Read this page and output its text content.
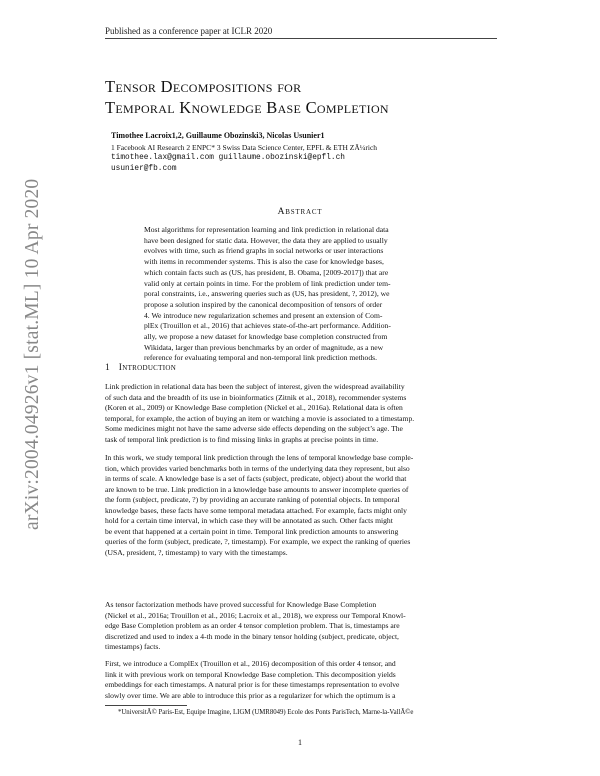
Published as a conference paper at ICLR 2020
arXiv:2004.04926v1 [stat.ML] 10 Apr 2020
Tensor Decompositions for
Temporal Knowledge Base Completion
Timothee Lacroix1,2, Guillaume Obozinski3, Nicolas Usunier1
1 Facebook AI Research 2 ENPC* 3 Swiss Data Science Center, EPFL & ETH ZÃ¼rich
timothee.lax@gmail.com guillaume.obozinski@epfl.ch
usunier@fb.com
Abstract
Most algorithms for representation learning and link prediction in relational data
have been designed for static data. However, the data they are applied to usually
evolves with time, such as friend graphs in social networks or user interactions
with items in recommender systems. This is also the case for knowledge bases,
which contain facts such as (US, has president, B. Obama, [2009-2017]) that are
valid only at certain points in time. For the problem of link prediction under tem-
poral constraints, i.e., answering queries such as (US, has president, ?, 2012), we
propose a solution inspired by the canonical decomposition of tensors of order
4. We introduce new regularization schemes and present an extension of Com-
plEx (Trouillon et al., 2016) that achieves state-of-the-art performance. Addition-
ally, we propose a new dataset for knowledge base completion constructed from
Wikidata, larger than previous benchmarks by an order of magnitude, as a new
reference for evaluating temporal and non-temporal link prediction methods.
1 Introduction
Link prediction in relational data has been the subject of interest, given the widespread availability
of such data and the breadth of its use in bioinformatics (Zitnik et al., 2018), recommender systems
(Koren et al., 2009) or Knowledge Base completion (Nickel et al., 2016a). Relational data is often
temporal, for example, the action of buying an item or watching a movie is associated to a timestamp.
Some medicines might not have the same adverse side effects depending on the subject’s age. The
task of temporal link prediction is to find missing links in graphs at precise points in time.
In this work, we study temporal link prediction through the lens of temporal knowledge base comple-
tion, which provides varied benchmarks both in terms of the underlying data they represent, but also
in terms of scale. A knowledge base is a set of facts (subject, predicate, object) about the world that
are known to be true. Link prediction in a knowledge base amounts to answer incomplete queries of
the form (subject, predicate, ?) by providing an accurate ranking of potential objects. In temporal
knowledge bases, these facts have some temporal metadata attached. For example, facts might only
hold for a certain time interval, in which case they will be annotated as such. Other facts might
be event that happened at a certain point in time. Temporal link prediction amounts to answering
queries of the form (subject, predicate, ?, timestamp). For example, we expect the ranking of queries
(USA, president, ?, timestamp) to vary with the timestamps.
As tensor factorization methods have proved successful for Knowledge Base Completion
(Nickel et al., 2016a; Trouillon et al., 2016; Lacroix et al., 2018), we express our Temporal Knowl-
edge Base Completion problem as an order 4 tensor completion problem. That is, timestamps are
discretized and used to index a 4-th mode in the binary tensor holding (subject, predicate, object,
timestamps) facts.
First, we introduce a ComplEx (Trouillon et al., 2016) decomposition of this order 4 tensor, and
link it with previous work on temporal Knowledge Base completion. This decomposition yields
embeddings for each timestamps. A natural prior is for these timestamps representation to evolve
slowly over time. We are able to introduce this prior as a regularizer for which the optimum is a
*UniversitÃ© Paris-Est, Equipe Imagine, LIGM (UMR8049) Ecole des Ponts ParisTech, Marne-la-VallÃ©e
1
